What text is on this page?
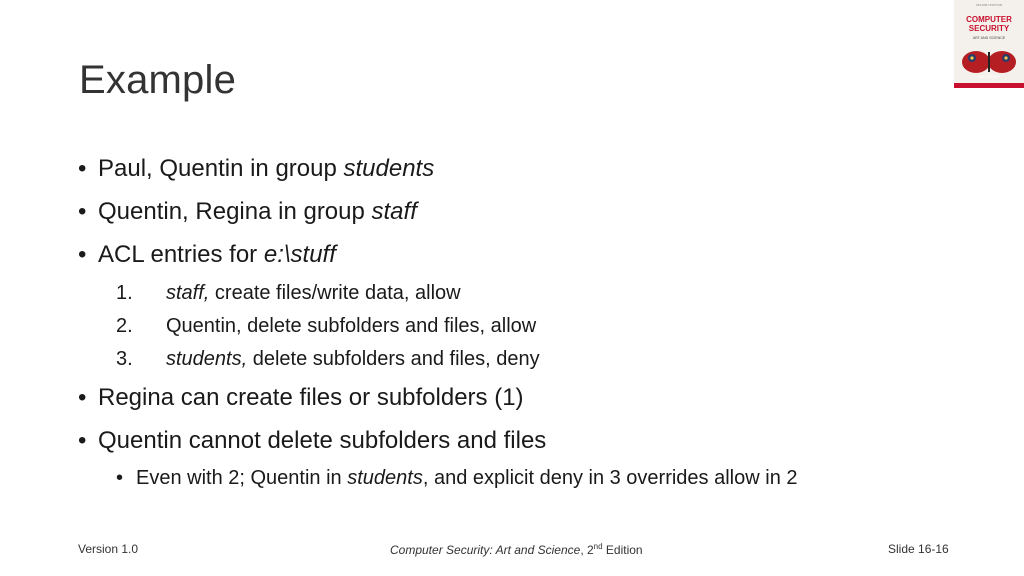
Example
• Paul, Quentin in group students
• Quentin, Regina in group staff
• ACL entries for e:\stuff
1. staff, create files/write data, allow
2. Quentin, delete subfolders and files, allow
3. students, delete subfolders and files, deny
• Regina can create files or subfolders (1)
• Quentin cannot delete subfolders and files
• Even with 2; Quentin in students, and explicit deny in 3 overrides allow in 2
Version 1.0	Computer Security: Art and Science, 2nd Edition	Slide 16-16
SECOND EDITION
COMPUTER
SECURITY
ART AND SCIENCE
MATT BISHOP
